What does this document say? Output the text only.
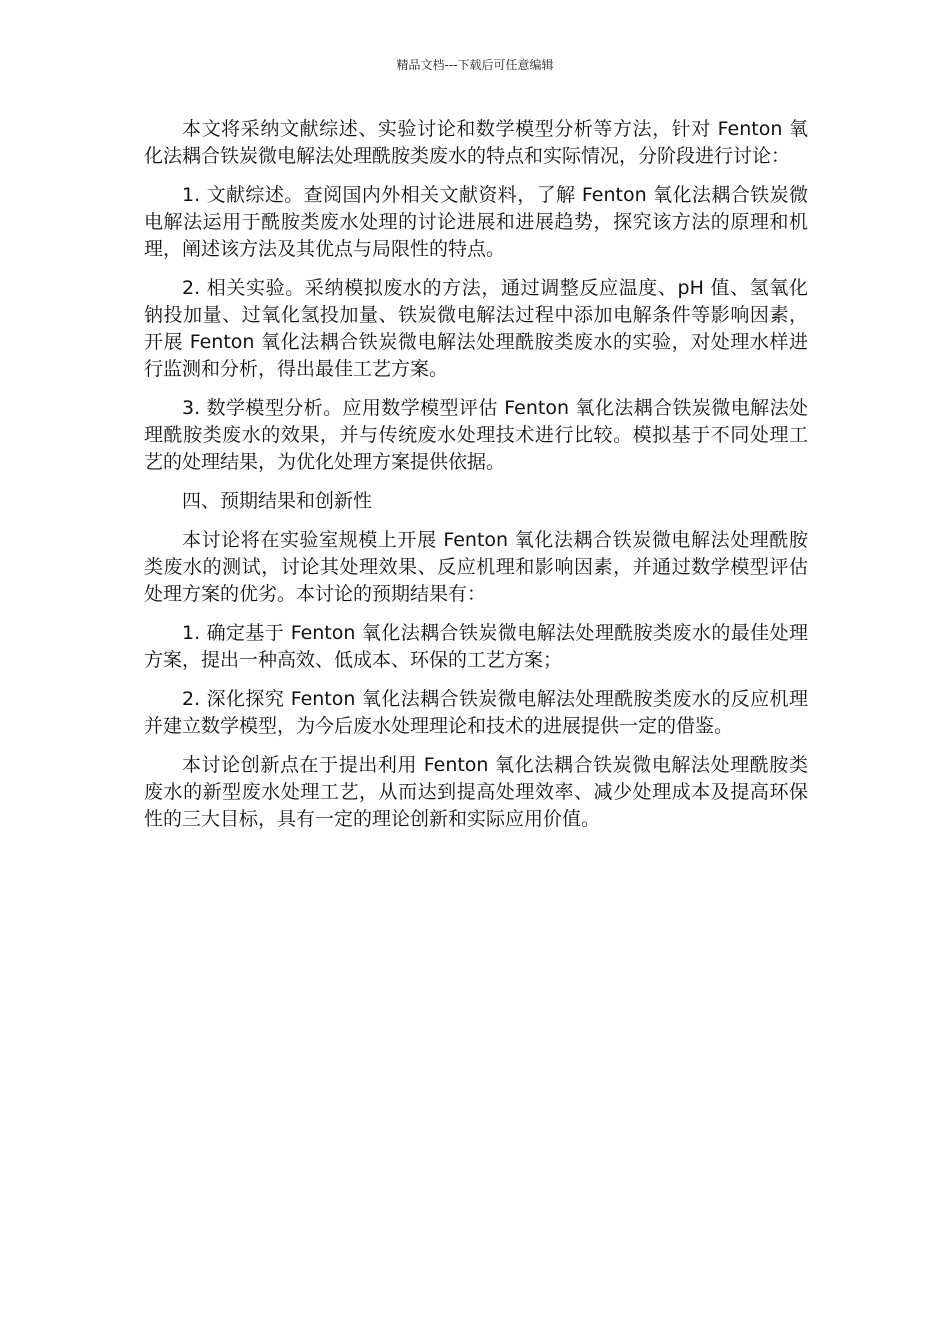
精品文档---下载后可任意编辑

本文将采纳文献综述、实验讨论和数学模型分析等方法，针对 Fenton 氧化法耦合铁炭微电解法处理酰胺类废水的特点和实际情况，分阶段进行讨论：

1. 文献综述。查阅国内外相关文献资料，了解 Fenton 氧化法耦合铁炭微电解法运用于酰胺类废水处理的讨论进展和进展趋势，探究该方法的原理和机理，阐述该方法及其优点与局限性的特点。

2. 相关实验。采纳模拟废水的方法，通过调整反应温度、pH 值、氢氧化钠投加量、过氧化氢投加量、铁炭微电解法过程中添加电解条件等影响因素，开展 Fenton 氧化法耦合铁炭微电解法处理酰胺类废水的实验，对处理水样进行监测和分析，得出最佳工艺方案。

3. 数学模型分析。应用数学模型评估 Fenton 氧化法耦合铁炭微电解法处理酰胺类废水的效果，并与传统废水处理技术进行比较。模拟基于不同处理工艺的处理结果，为优化处理方案提供依据。

四、预期结果和创新性

本讨论将在实验室规模上开展 Fenton 氧化法耦合铁炭微电解法处理酰胺类废水的测试，讨论其处理效果、反应机理和影响因素，并通过数学模型评估处理方案的优劣。本讨论的预期结果有：

1. 确定基于 Fenton 氧化法耦合铁炭微电解法处理酰胺类废水的最佳处理方案，提出一种高效、低成本、环保的工艺方案；

2. 深化探究 Fenton 氧化法耦合铁炭微电解法处理酰胺类废水的反应机理并建立数学模型，为今后废水处理理论和技术的进展提供一定的借鉴。

本讨论创新点在于提出利用 Fenton 氧化法耦合铁炭微电解法处理酰胺类废水的新型废水处理工艺，从而达到提高处理效率、减少处理成本及提高环保性的三大目标，具有一定的理论创新和实际应用价值。
